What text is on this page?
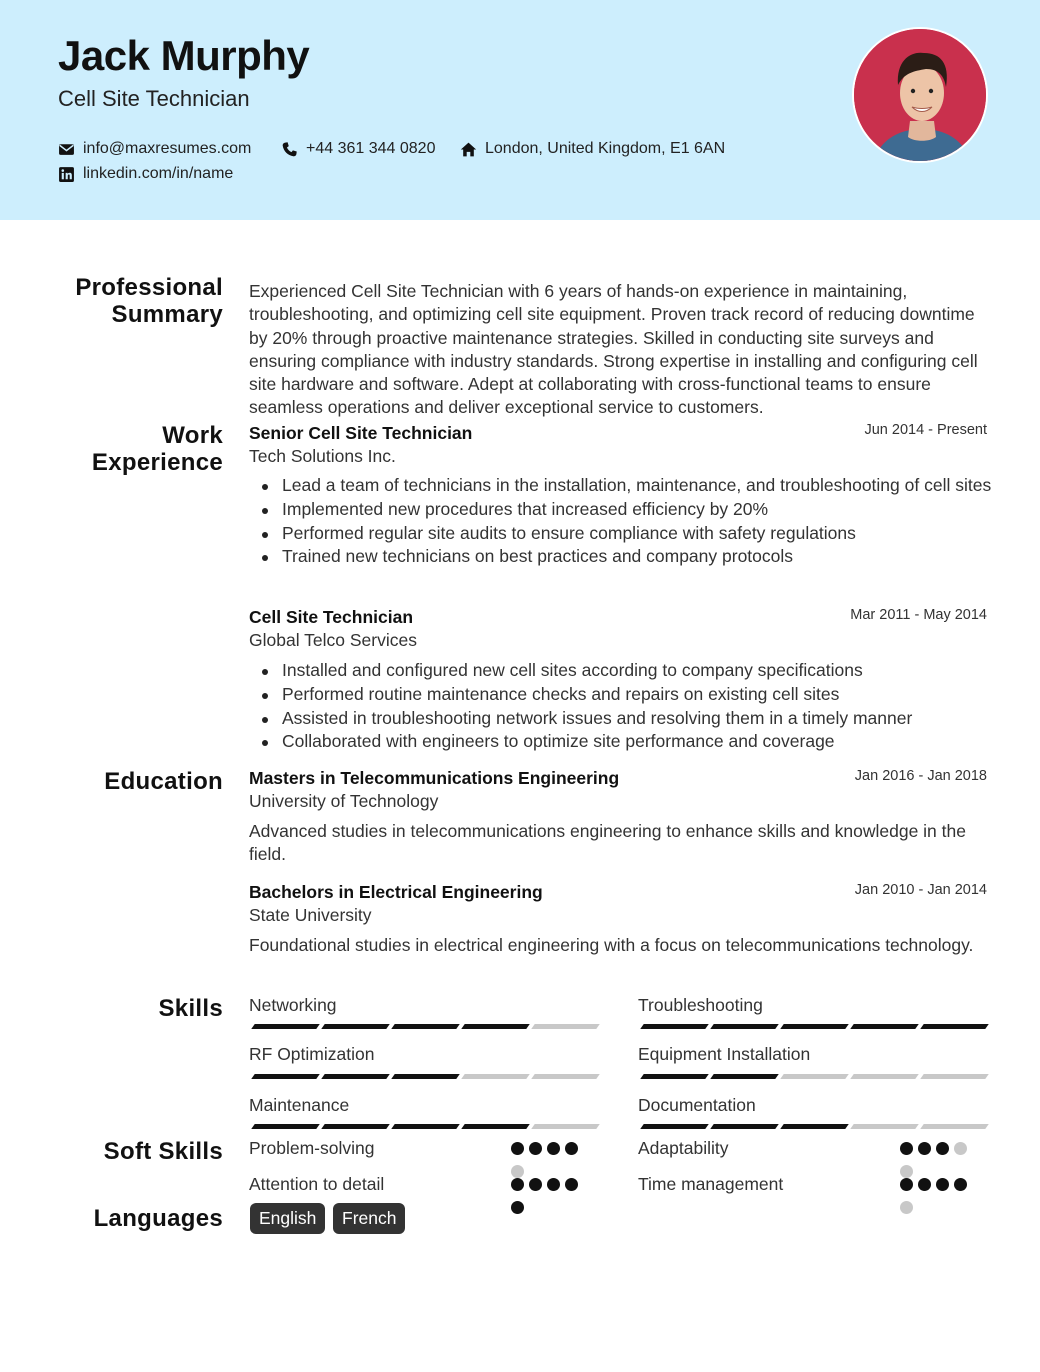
Jack Murphy
Cell Site Technician
info@maxresumes.com	+44 361 344 0820	London, United Kingdom, E1 6AN
linkedin.com/in/name
Professional
Summary
Experienced Cell Site Technician with 6 years of hands-on experience in maintaining, troubleshooting, and optimizing cell site equipment. Proven track record of reducing downtime by 20% through proactive maintenance strategies. Skilled in conducting site surveys and ensuring compliance with industry standards. Strong expertise in installing and configuring cell site hardware and software. Adept at collaborating with cross-functional teams to ensure seamless operations and deliver exceptional service to customers.
Work
Experience
Senior Cell Site Technician	Jun 2014 - Present
Tech Solutions Inc.
Lead a team of technicians in the installation, maintenance, and troubleshooting of cell sites
Implemented new procedures that increased efficiency by 20%
Performed regular site audits to ensure compliance with safety regulations
Trained new technicians on best practices and company protocols
Cell Site Technician	Mar 2011 - May 2014
Global Telco Services
Installed and configured new cell sites according to company specifications
Performed routine maintenance checks and repairs on existing cell sites
Assisted in troubleshooting network issues and resolving them in a timely manner
Collaborated with engineers to optimize site performance and coverage
Education Masters in Telecommunications Engineering	Jan 2016 - Jan 2018
University of Technology
Advanced studies in telecommunications engineering to enhance skills and knowledge in the field.
Bachelors in Electrical Engineering	Jan 2010 - Jan 2014
State University
Foundational studies in electrical engineering with a focus on telecommunications technology.
Skills Networking	Troubleshooting
RF Optimization	Equipment Installation
Maintenance	Documentation
Soft Skills Problem-solving	Adaptability
Attention to detail	Time management
Languages	English	French
